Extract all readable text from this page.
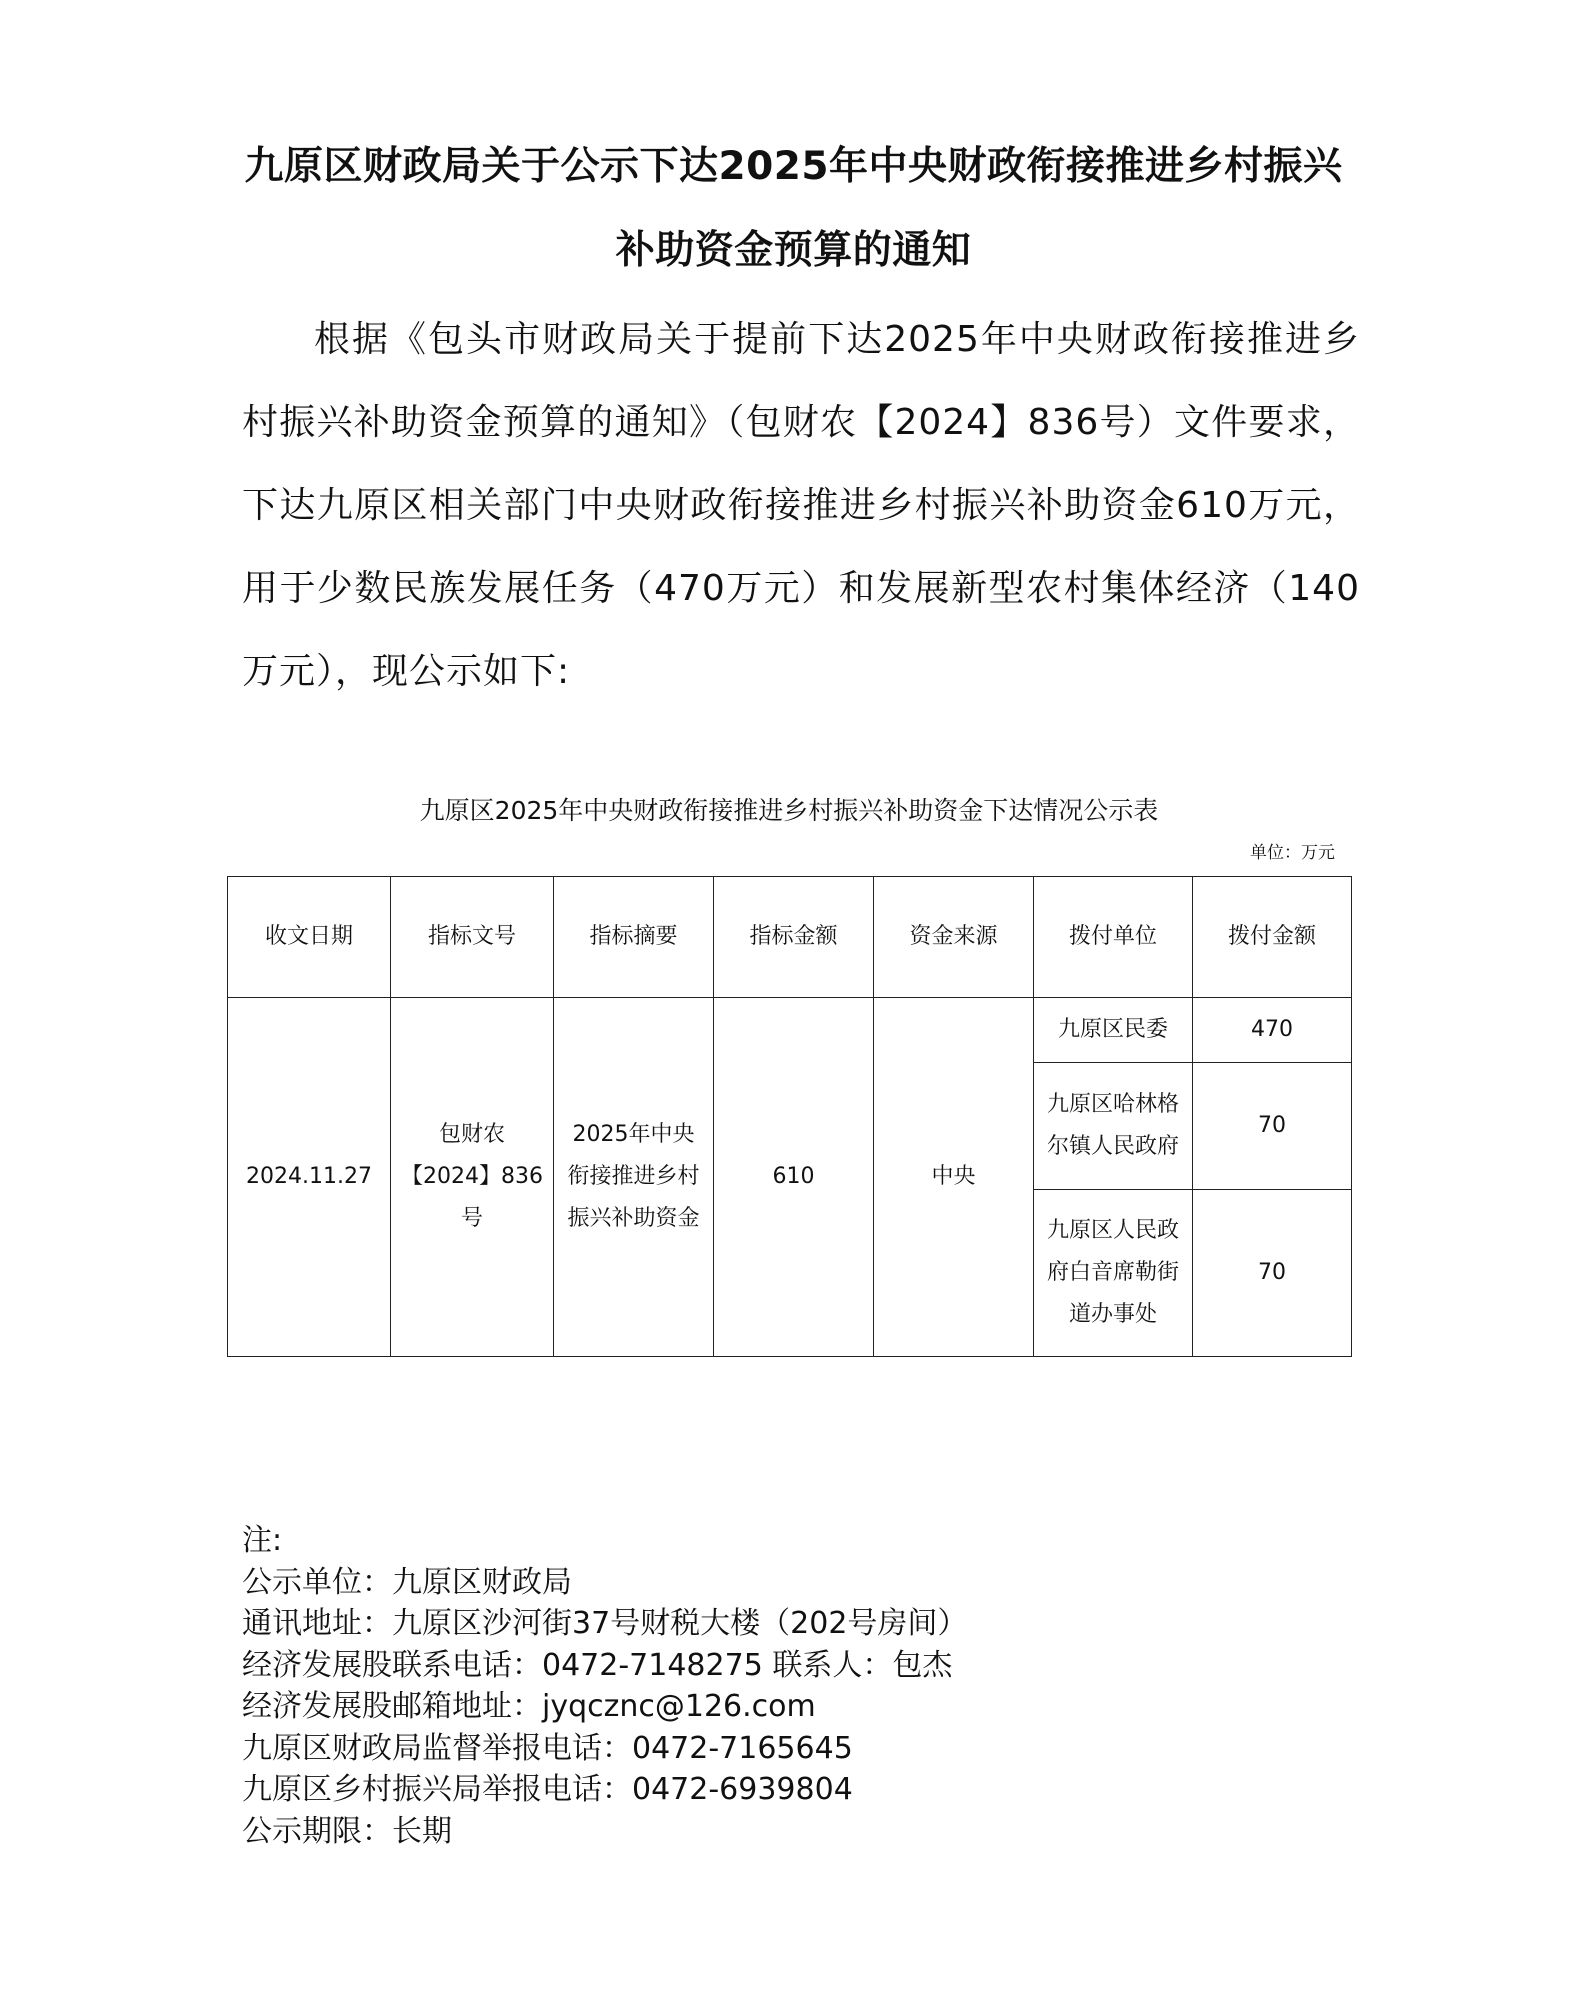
九原区财政局关于公示下达2025年中央财政衔接推进乡村振兴
补助资金预算的通知
根据《包头市财政局关于提前下达2025年中央财政衔接推进乡村振兴补助资金预算的通知》（包财农【2024】836号）文件要求，下达九原区相关部门中央财政衔接推进乡村振兴补助资金610万元，用于少数民族发展任务（470万元）和发展新型农村集体经济（140万元），现公示如下:
九原区2025年中央财政衔接推进乡村振兴补助资金下达情况公示表
单位：万元
收文日期	指标文号	指标摘要	指标金额	资金来源	拨付单位	拨付金额
2024.11.27	包财农【2024】836号	2025年中央衔接推进乡村振兴补助资金	610	中央	九原区民委	470
					九原区哈林格尔镇人民政府	70
					九原区人民政府白音席勒街道办事处	70
注:
公示单位：九原区财政局
通讯地址：九原区沙河街37号财税大楼（202号房间）
经济发展股联系电话：0472-7148275 联系人：包杰
经济发展股邮箱地址：jyqcznc@126.com
九原区财政局监督举报电话：0472-7165645
九原区乡村振兴局举报电话：0472-6939804
公示期限：长期
